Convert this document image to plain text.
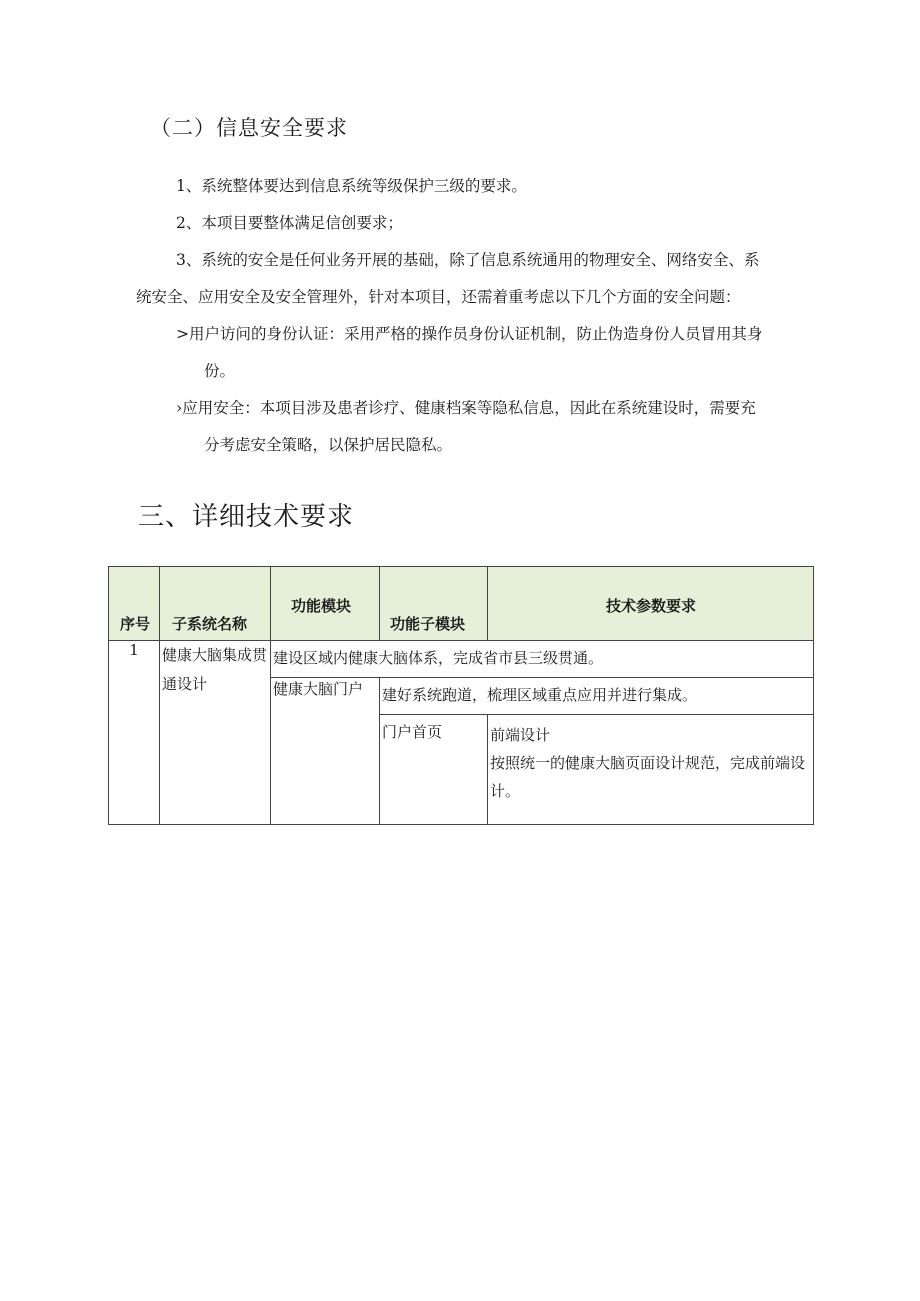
（二）信息安全要求
1、系统整体要达到信息系统等级保护三级的要求。
2、本项目要整体满足信创要求；
3、系统的安全是任何业务开展的基础，除了信息系统通用的物理安全、网络安全、系
统安全、应用安全及安全管理外，针对本项目，还需着重考虑以下几个方面的安全问题：
>用户访问的身份认证：采用严格的操作员身份认证机制，防止伪造身份人员冒用其身
份。
›应用安全：本项目涉及患者诊疗、健康档案等隐私信息，因此在系统建设时，需要充
分考虑安全策略，以保护居民隐私。
三、详细技术要求
序号	子系统名称	功能模块	功能子模块	技术参数要求

1	健康大脑集成贯通设计	建设区域内健康大脑体系，完成省市县三级贯通。		
		健康大脑门户	建好系统跑道，梳理区域重点应用并进行集成。	
			门户首页	前端设计
按照统一的健康大脑页面设计规范，完成前端设计。
